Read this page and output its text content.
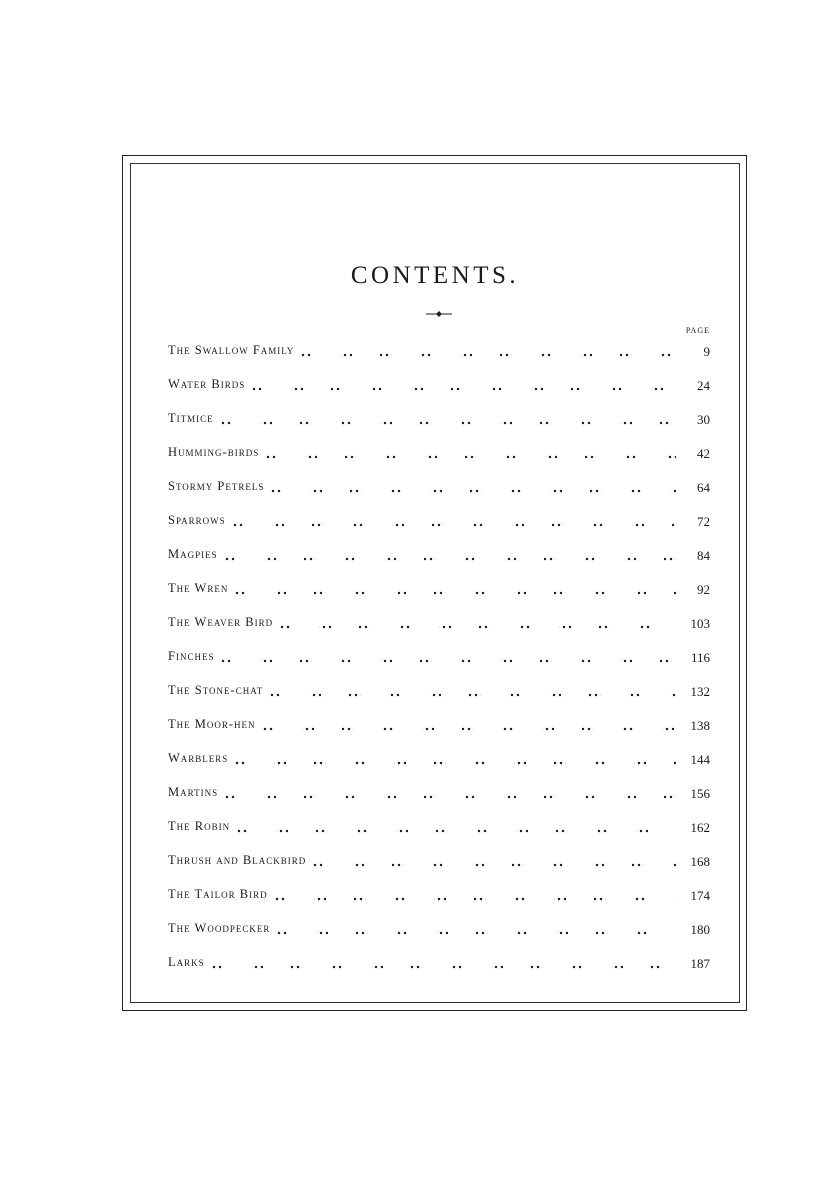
CONTENTS.
PAGE
The Swallow Family	9
Water Birds	24
Titmice	30
Humming-birds	42
Stormy Petrels	64
Sparrows	72
Magpies	84
The Wren	92
The Weaver Bird	103
Finches	116
The Stone-chat	132
The Moor-hen	138
Warblers	144
Martins	156
The Robin	162
Thrush and Blackbird	168
The Tailor Bird	174
The Woodpecker	180
Larks	187
